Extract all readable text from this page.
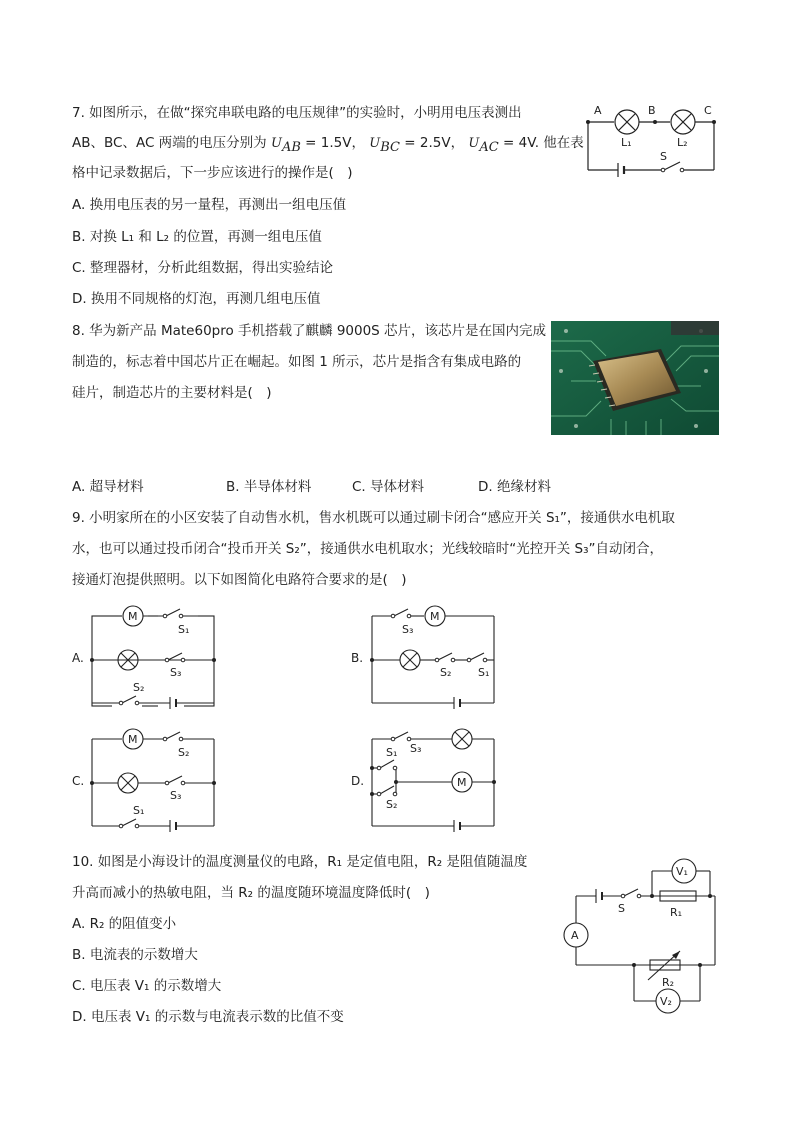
7. 如图所示，在做“探究串联电路的电压规律”的实验时，小明用电压表测出
AB、BC、AC 两端的电压分别为 $U_{AB} = 1.5V$， $U_{BC} = 2.5V$， $U_{AC} = 4V$. 他在表
格中记录数据后，下一步应该进行的操作是(　)
A. 换用电压表的另一量程，再测出一组电压值
B. 对换 L₁ 和 L₂ 的位置，再测一组电压值
C. 整理器材，分析此组数据，得出实验结论
D. 换用不同规格的灯泡，再测几组电压值
A	B	C
L₁	L₂
S
8. 华为新产品 Mate60pro 手机搭载了麒麟 9000S 芯片，该芯片是在国内完成
制造的，标志着中国芯片正在崛起。如图 1 所示，芯片是指含有集成电路的
硅片，制造芯片的主要材料是(　)
A. 超导材料	B. 半导体材料	C. 导体材料	D. 绝缘材料
9. 小明家所在的小区安装了自动售水机，售水机既可以通过刷卡闭合“感应开关 S₁”，接通供水电机取
水，也可以通过投币闭合“投币开关 S₂”，接通供水电机取水；光线较暗时“光控开关 S₃”自动闭合，
接通灯泡提供照明。以下如图简化电路符合要求的是(　)
A.
M
S₁
S₃
S₂
B.
M
S₃
S₂ S₁
C.
M
S₂
S₃
S₁
D.	M
S₁ S₃
S₂
10. 如图是小海设计的温度测量仪的电路，R₁ 是定值电阻，R₂ 是阻值随温度
升高而减小的热敏电阻，当 R₂ 的温度随环境温度降低时(　)
A. R₂ 的阻值变小
B. 电流表的示数增大
C. 电压表 V₁ 的示数增大
D. 电压表 V₁ 的示数与电流表示数的比值不变
A
V₁
V₂
S	R₁
R₂
